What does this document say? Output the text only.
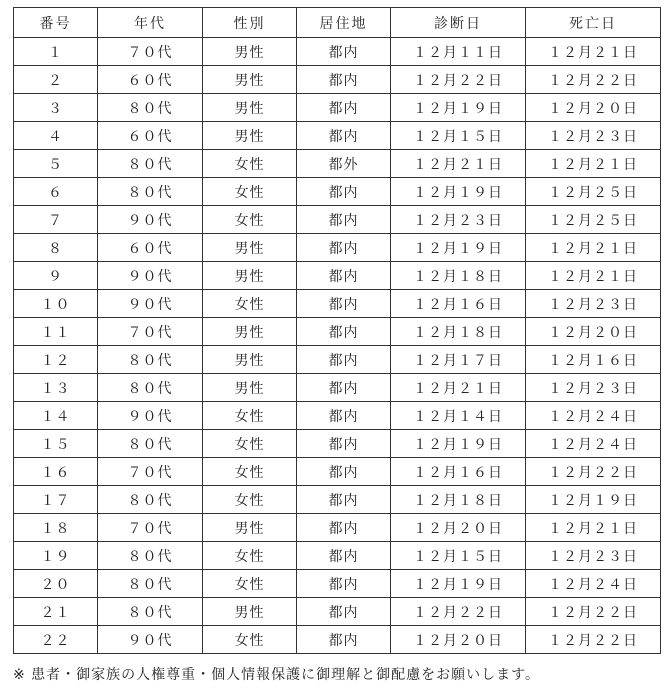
番号	年代	性別	居住地	診断日	死亡日
１	７０代	男性	都内	１２月１１日	１２月２１日
２	６０代	男性	都内	１２月２２日	１２月２２日
３	８０代	男性	都内	１２月１９日	１２月２０日
４	６０代	男性	都内	１２月１５日	１２月２３日
５	８０代	女性	都外	１２月２１日	１２月２１日
６	８０代	女性	都内	１２月１９日	１２月２５日
７	９０代	女性	都内	１２月２３日	１２月２５日
８	６０代	男性	都内	１２月１９日	１２月２１日
９	９０代	男性	都内	１２月１８日	１２月２１日
１０	９０代	女性	都内	１２月１６日	１２月２３日
１１	７０代	男性	都内	１２月１８日	１２月２０日
１２	８０代	男性	都内	１２月１７日	１２月１６日
１３	８０代	男性	都内	１２月２１日	１２月２３日
１４	９０代	女性	都内	１２月１４日	１２月２４日
１５	８０代	女性	都内	１２月１９日	１２月２４日
１６	７０代	女性	都内	１２月１６日	１２月２２日
１７	８０代	女性	都内	１２月１８日	１２月１９日
１８	７０代	男性	都内	１２月２０日	１２月２１日
１９	８０代	女性	都内	１２月１５日	１２月２３日
２０	８０代	女性	都内	１２月１９日	１２月２４日
２１	８０代	男性	都内	１２月２２日	１２月２２日
２２	９０代	女性	都内	１２月２０日	１２月２２日
※ 患者・御家族の人権尊重・個人情報保護に御理解と御配慮をお願いします。
